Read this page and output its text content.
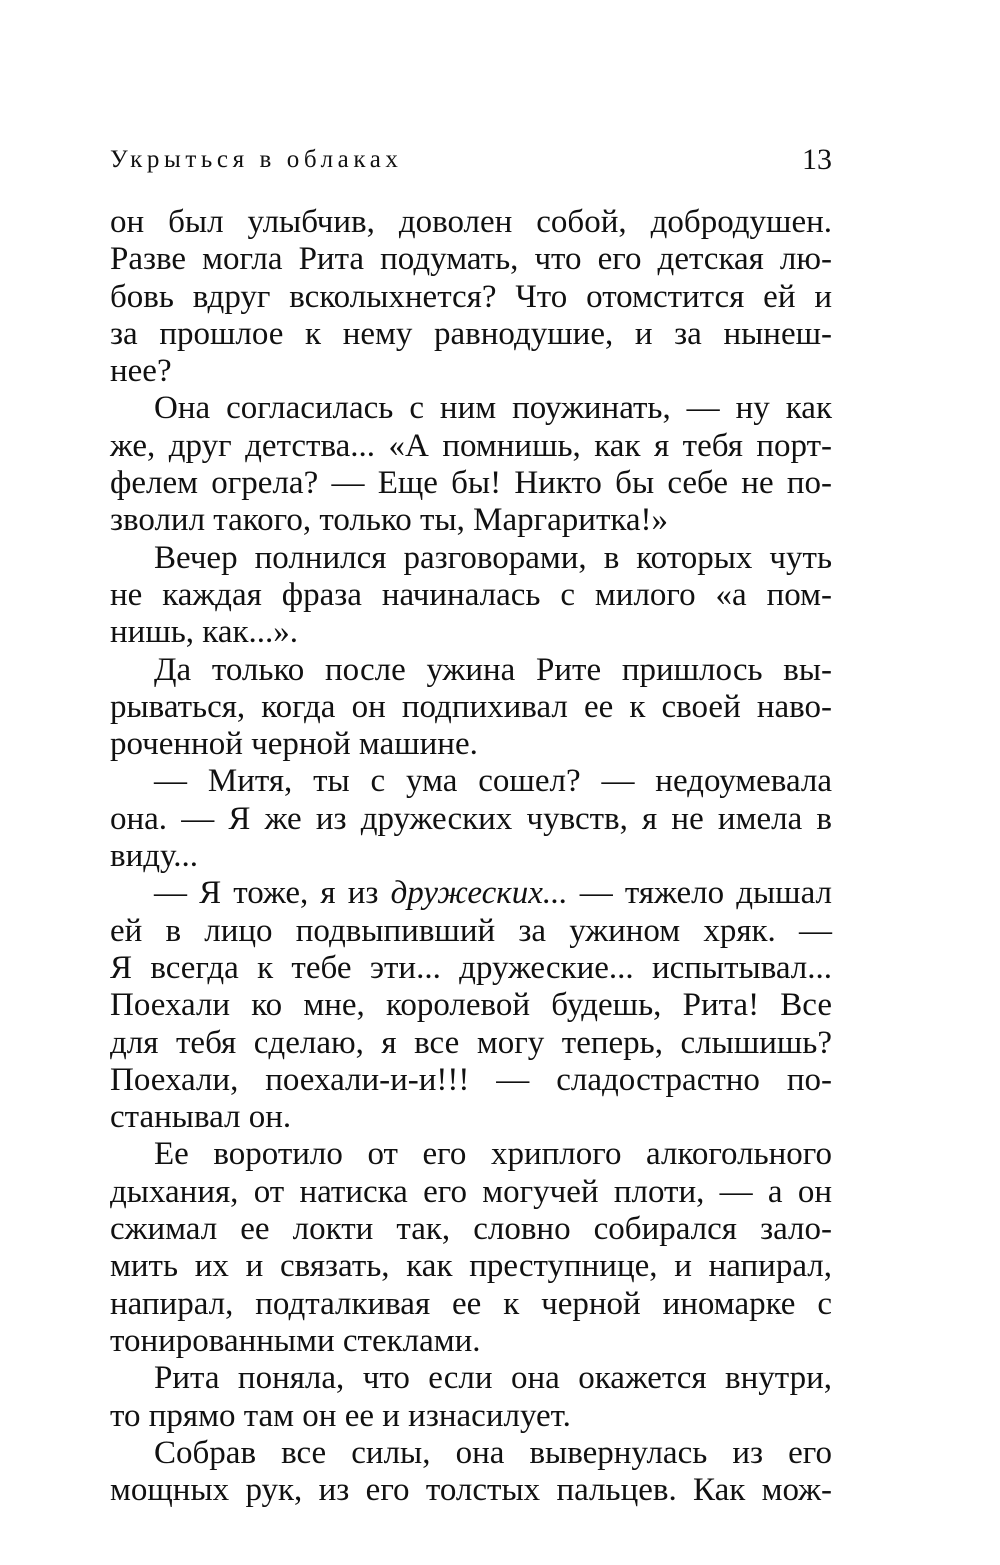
Укрыться в облаках	13
он был улыбчив, доволен собой, добродушен.
Разве могла Рита подумать, что его детская лю-
бовь вдруг всколыхнется? Что отомстится ей и
за прошлое к нему равнодушие, и за нынеш-
нее?
Она согласилась с ним поужинать, — ну как
же, друг детства... «А помнишь, как я тебя порт-
фелем огрела? — Еще бы! Никто бы себе не по-
зволил такого, только ты, Маргаритка!»
Вечер полнился разговорами, в которых чуть
не каждая фраза начиналась с милого «а пом-
нишь, как...».
Да только после ужина Рите пришлось вы-
рываться, когда он подпихивал ее к своей наво-
роченной черной машине.
— Митя, ты с ума сошел? — недоумевала
она. — Я же из дружеских чувств, я не имела в
виду...
— Я тоже, я из дружеских... — тяжело дышал
ей в лицо подвыпивший за ужином хряк. —
Я всегда к тебе эти... дружеские... испытывал...
Поехали ко мне, королевой будешь, Рита! Все
для тебя сделаю, я все могу теперь, слышишь?
Поехали, поехали-и-и!!! — сладострастно по-
станывал он.
Ее воротило от его хриплого алкогольного
дыхания, от натиска его могучей плоти, — а он
сжимал ее локти так, словно собирался зало-
мить их и связать, как преступнице, и напирал,
напирал, подталкивая ее к черной иномарке с
тонированными стеклами.
Рита поняла, что если она окажется внутри,
то прямо там он ее и изнасилует.
Собрав все силы, она вывернулась из его
мощных рук, из его толстых пальцев. Как мож-
